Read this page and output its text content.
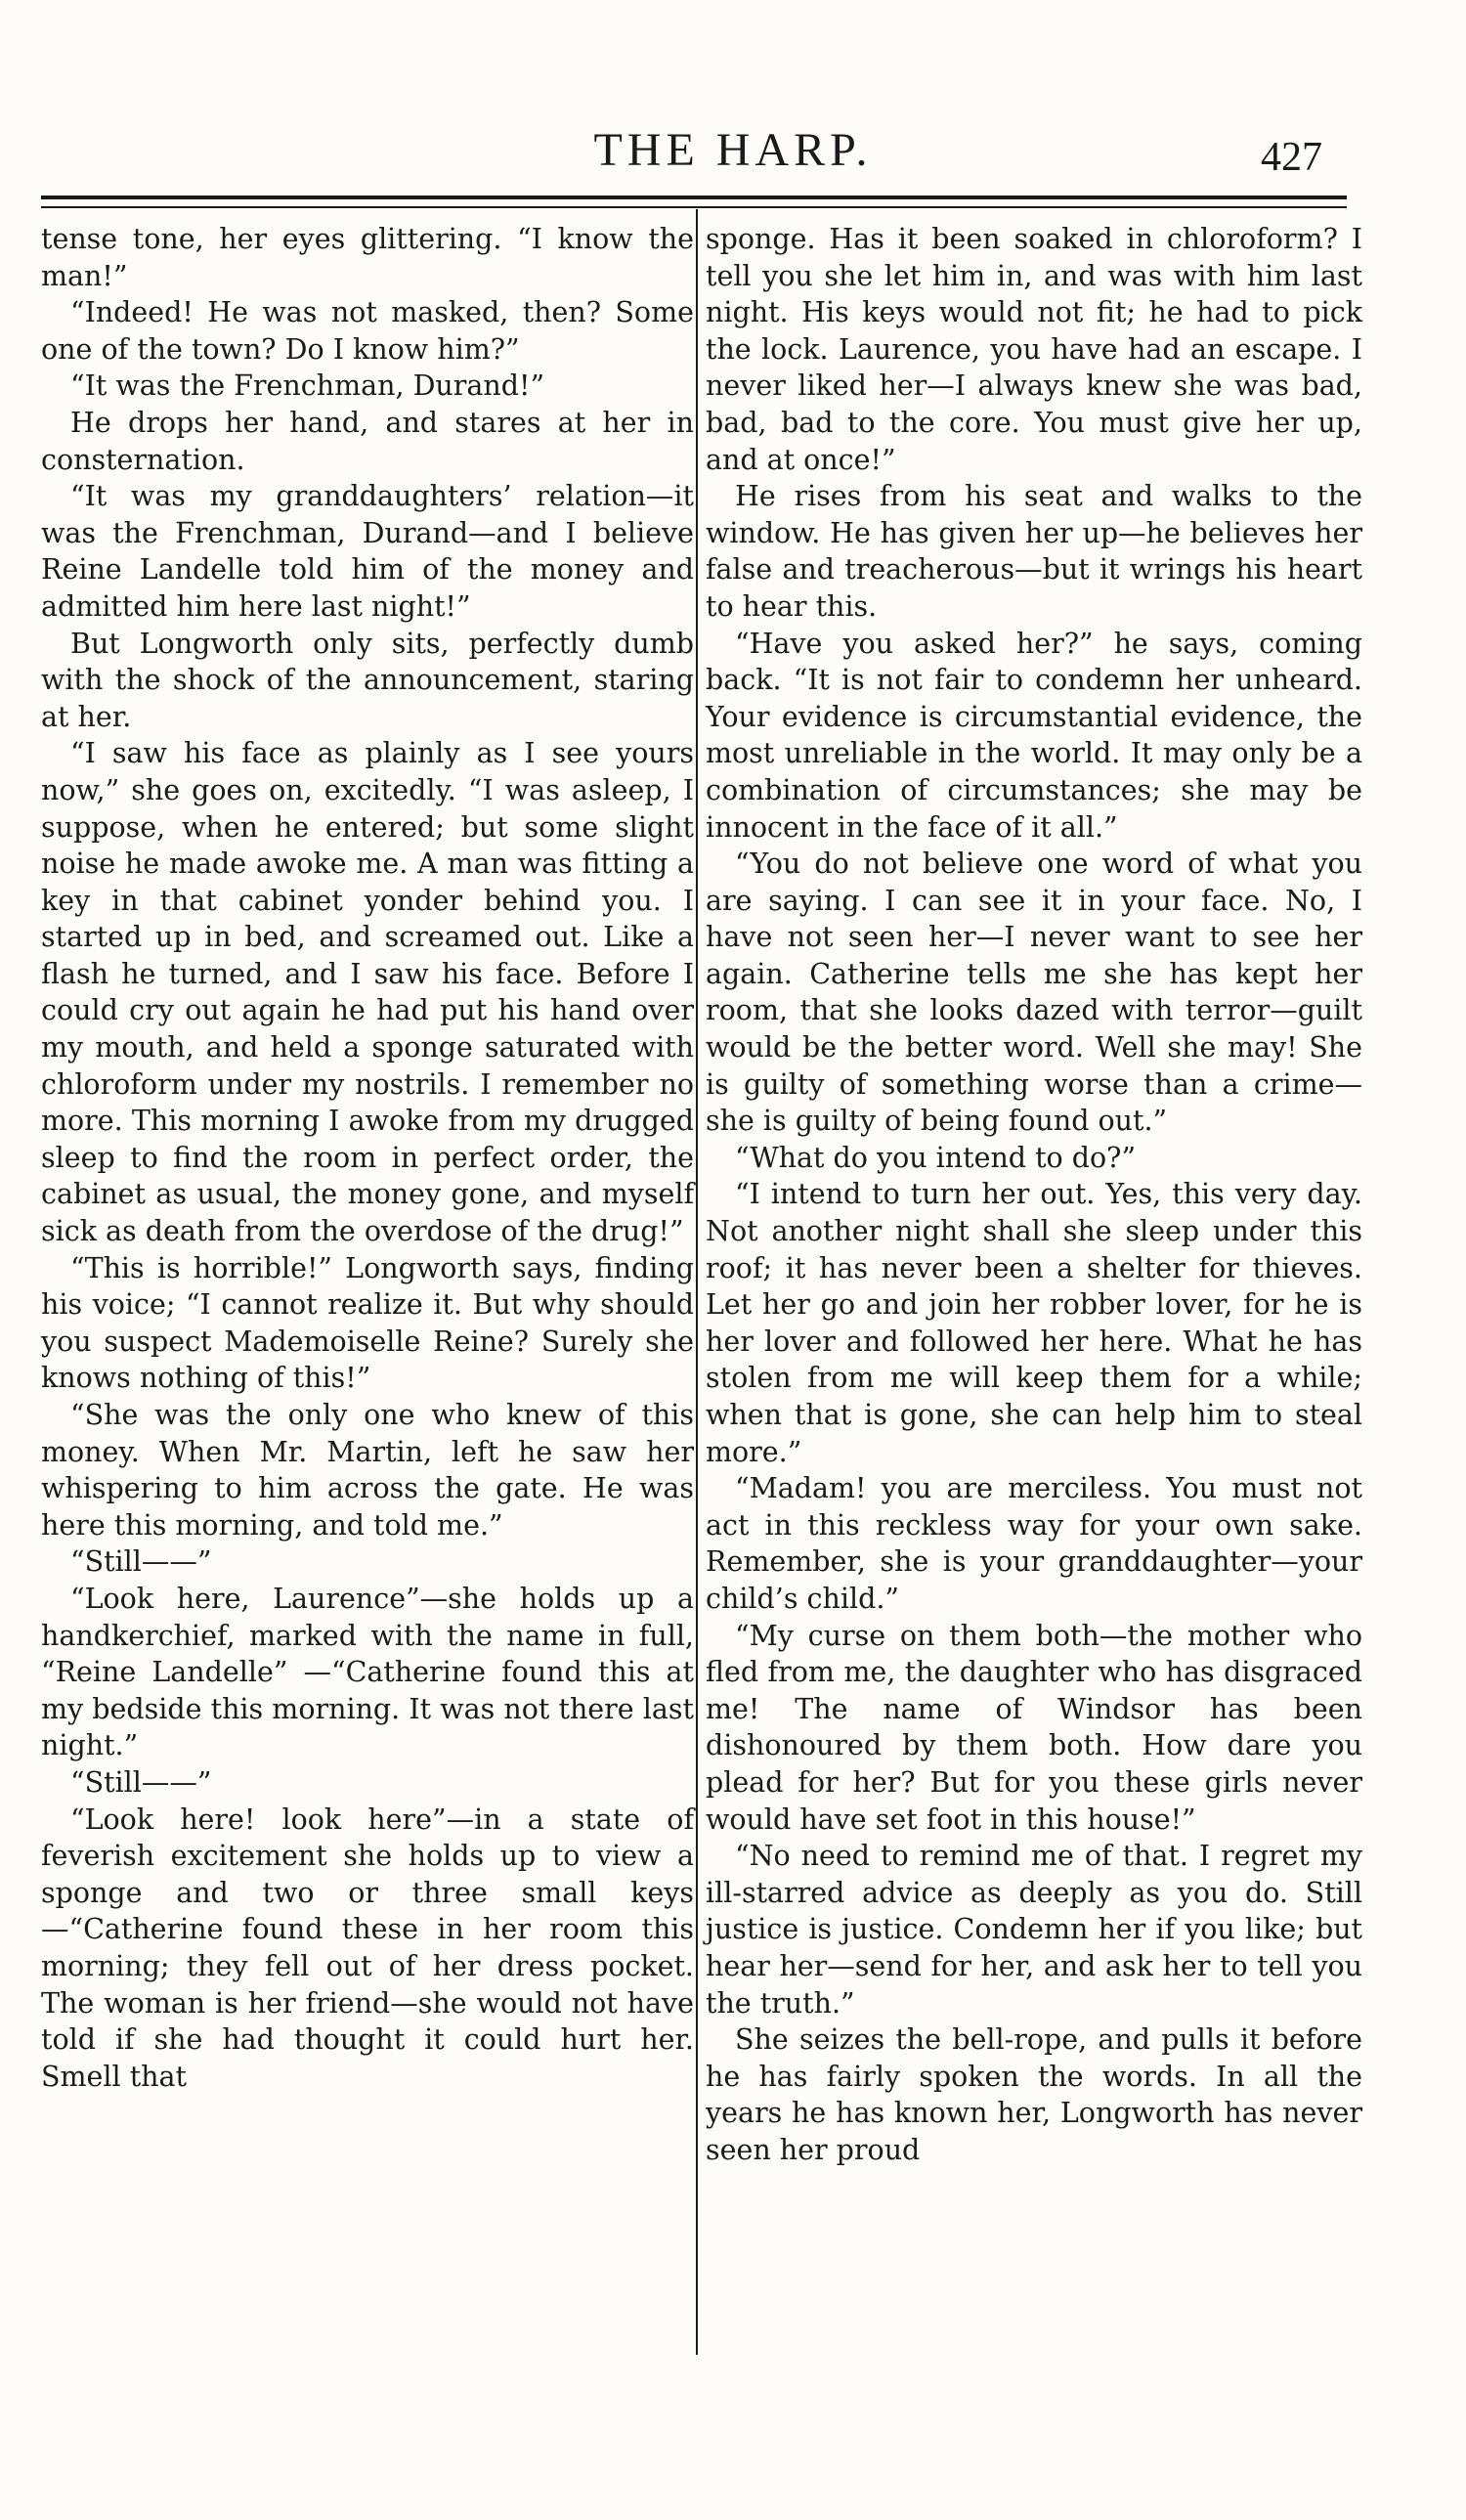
THE HARP.	427

tense tone, her eyes glittering. “I know the man!”

“Indeed! He was not masked, then? Some one of the town? Do I know him?”

“It was the Frenchman, Durand!”

He drops her hand, and stares at her in consternation.

“It was my granddaughters’ relation—it was the Frenchman, Durand—and I believe Reine Landelle told him of the money and admitted him here last night!”

But Longworth only sits, perfectly dumb with the shock of the announcement, staring at her.

“I saw his face as plainly as I see yours now,” she goes on, excitedly. “I was asleep, I suppose, when he entered; but some slight noise he made awoke me. A man was fitting a key in that cabinet yonder behind you. I started up in bed, and screamed out. Like a flash he turned, and I saw his face. Before I could cry out again he had put his hand over my mouth, and held a sponge saturated with chloroform under my nostrils. I remember no more. This morning I awoke from my drugged sleep to find the room in perfect order, the cabinet as usual, the money gone, and myself sick as death from the overdose of the drug!”

“This is horrible!” Longworth says, finding his voice; “I cannot realize it. But why should you suspect Mademoiselle Reine? Surely she knows nothing of this!”

“She was the only one who knew of this money. When Mr. Martin, left he saw her whispering to him across the gate. He was here this morning, and told me.”

“Still——”

“Look here, Laurence”—she holds up a handkerchief, marked with the name in full, “Reine Landelle” —“Catherine found this at my bedside this morning. It was not there last night.”

“Still——”

“Look here! look here”—in a state of feverish excitement she holds up to view a sponge and two or three small keys—“Catherine found these in her room this morning; they fell out of her dress pocket. The woman is her friend—she would not have told if she had thought it could hurt her. Smell that

sponge. Has it been soaked in chloroform? I tell you she let him in, and was with him last night. His keys would not fit; he had to pick the lock. Laurence, you have had an escape. I never liked her—I always knew she was bad, bad, bad to the core. You must give her up, and at once!”

He rises from his seat and walks to the window. He has given her up—he believes her false and treacherous—but it wrings his heart to hear this.

“Have you asked her?” he says, coming back. “It is not fair to condemn her unheard. Your evidence is circumstantial evidence, the most unreliable in the world. It may only be a combination of circumstances; she may be innocent in the face of it all.”

“You do not believe one word of what you are saying. I can see it in your face. No, I have not seen her—I never want to see her again. Catherine tells me she has kept her room, that she looks dazed with terror—guilt would be the better word. Well she may! She is guilty of something worse than a crime—she is guilty of being found out.”

“What do you intend to do?”

“I intend to turn her out. Yes, this very day. Not another night shall she sleep under this roof; it has never been a shelter for thieves. Let her go and join her robber lover, for he is her lover and followed her here. What he has stolen from me will keep them for a while; when that is gone, she can help him to steal more.”

“Madam! you are merciless. You must not act in this reckless way for your own sake. Remember, she is your granddaughter—your child’s child.”

“My curse on them both—the mother who fled from me, the daughter who has disgraced me! The name of Windsor has been dishonoured by them both. How dare you plead for her? But for you these girls never would have set foot in this house!”

“No need to remind me of that. I regret my ill-starred advice as deeply as you do. Still justice is justice. Condemn her if you like; but hear her—send for her, and ask her to tell you the truth.”

She seizes the bell-rope, and pulls it before he has fairly spoken the words. In all the years he has known her, Longworth has never seen her proud
